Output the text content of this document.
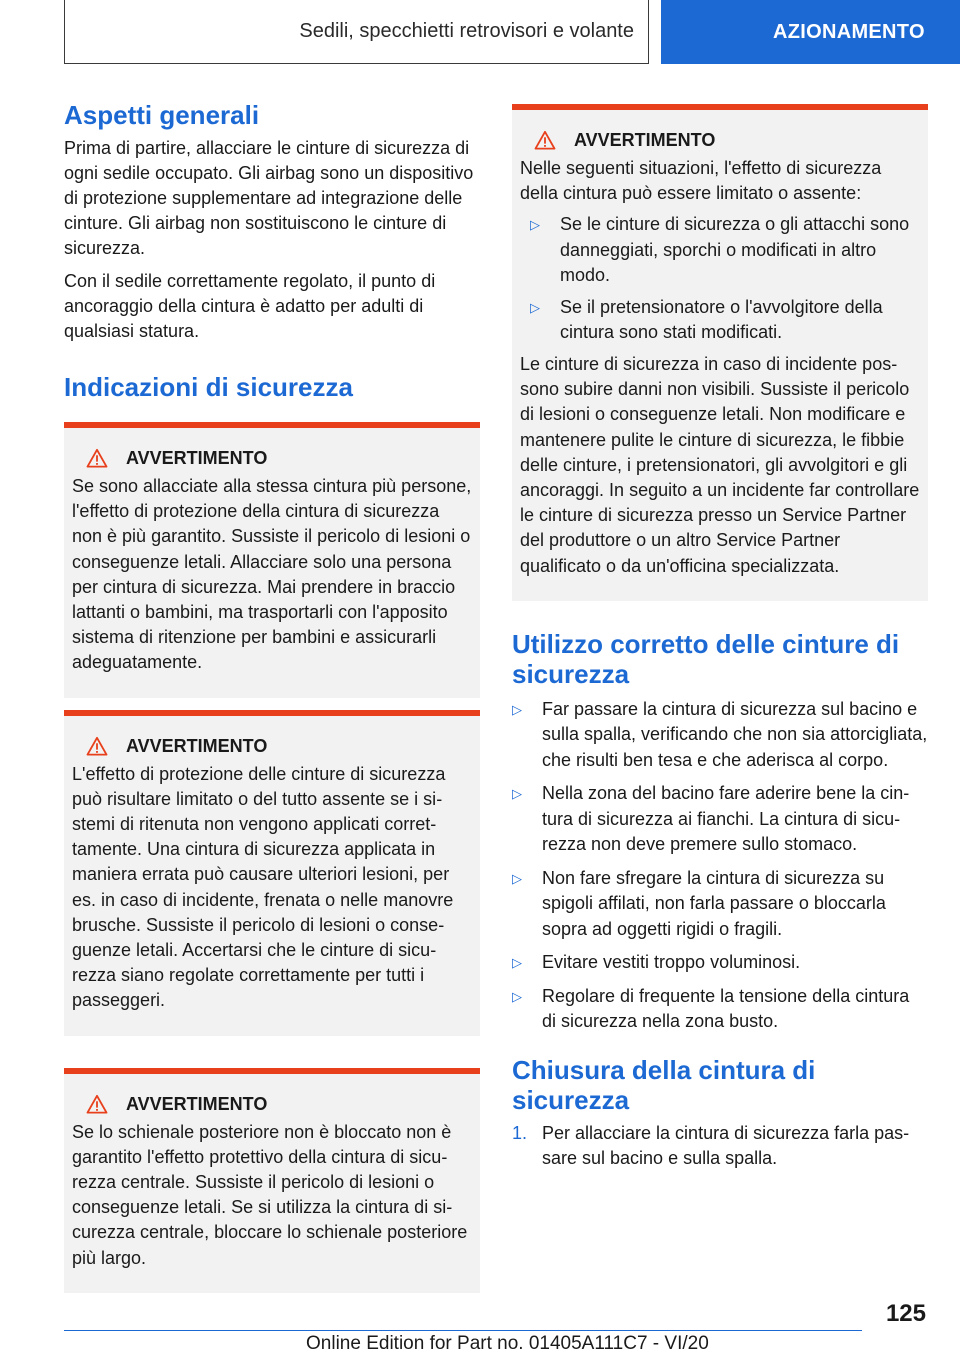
Sedili, specchietti retrovisori e volante	AZIONAMENTO
Aspetti generali

Prima di partire, allacciare le cinture di sicurezza di ogni sedile occupato. Gli airbag sono un dispositivo di protezione supplementare ad integrazione delle cinture. Gli airbag non sostituiscono le cinture di sicurezza.

Con il sedile correttamente regolato, il punto di ancoraggio della cintura è adatto per adulti di qualsiasi statura.

Indicazioni di sicurezza
AVVERTIMENTO

Se sono allacciate alla stessa cintura più persone, l'effetto di protezione della cintura di sicurezza non è più garantito. Sussiste il pericolo di lesioni o conseguenze letali. Allacciare solo una persona per cintura di sicurezza. Mai prendere in braccio lattanti o bambini, ma trasportarli con l'apposito sistema di ritenzione per bambini e assicurarli adeguatamente.

AVVERTIMENTO

L'effetto di protezione delle cinture di sicurezza può risultare limitato o del tutto assente se i sistemi di ritenuta non vengono applicati correttamente. Una cintura di sicurezza applicata in maniera errata può causare ulteriori lesioni, per es. in caso di incidente, frenata o nelle manovre brusche. Sussiste il pericolo di lesioni o conseguenze letali. Accertarsi che le cinture di sicurezza siano regolate correttamente per tutti i passeggeri.

AVVERTIMENTO

Se lo schienale posteriore non è bloccato non è garantito l'effetto protettivo della cintura di sicurezza centrale. Sussiste il pericolo di lesioni o conseguenze letali. Se si utilizza la cintura di sicurezza centrale, bloccare lo schienale posteriore più largo.

AVVERTIMENTO

Nelle seguenti situazioni, l'effetto di sicurezza della cintura può essere limitato o assente:

▷ Se le cinture di sicurezza o gli attacchi sono danneggiati, sporchi o modificati in altro modo.
▷ Se il pretensionatore o l'avvolgitore della cintura sono stati modificati.

Le cinture di sicurezza in caso di incidente possono subire danni non visibili. Sussiste il pericolo di lesioni o conseguenze letali. Non modificare e mantenere pulite le cinture di sicurezza, le fibbie delle cinture, i pretensionatori, gli avvolgitori e gli ancoraggi. In seguito a un incidente far controllare le cinture di sicurezza presso un Service Partner del produttore o un altro Service Partner qualificato o da un'officina specializzata.

Utilizzo corretto delle cinture di sicurezza
▷ Far passare la cintura di sicurezza sul bacino e sulla spalla, verificando che non sia attorcigliata, che risulti ben tesa e che aderisca al corpo.
▷ Nella zona del bacino fare aderire bene la cintura di sicurezza ai fianchi. La cintura di sicurezza non deve premere sullo stomaco.
▷ Non fare sfregare la cintura di sicurezza su spigoli affilati, non farla passare o bloccarla sopra ad oggetti rigidi o fragili.
▷ Evitare vestiti troppo voluminosi.
▷ Regolare di frequente la tensione della cintura di sicurezza nella zona busto.
Chiusura della cintura di sicurezza
1. Per allacciare la cintura di sicurezza farla passare sul bacino e sulla spalla.
125
Online Edition for Part no. 01405A111C7 - VI/20
